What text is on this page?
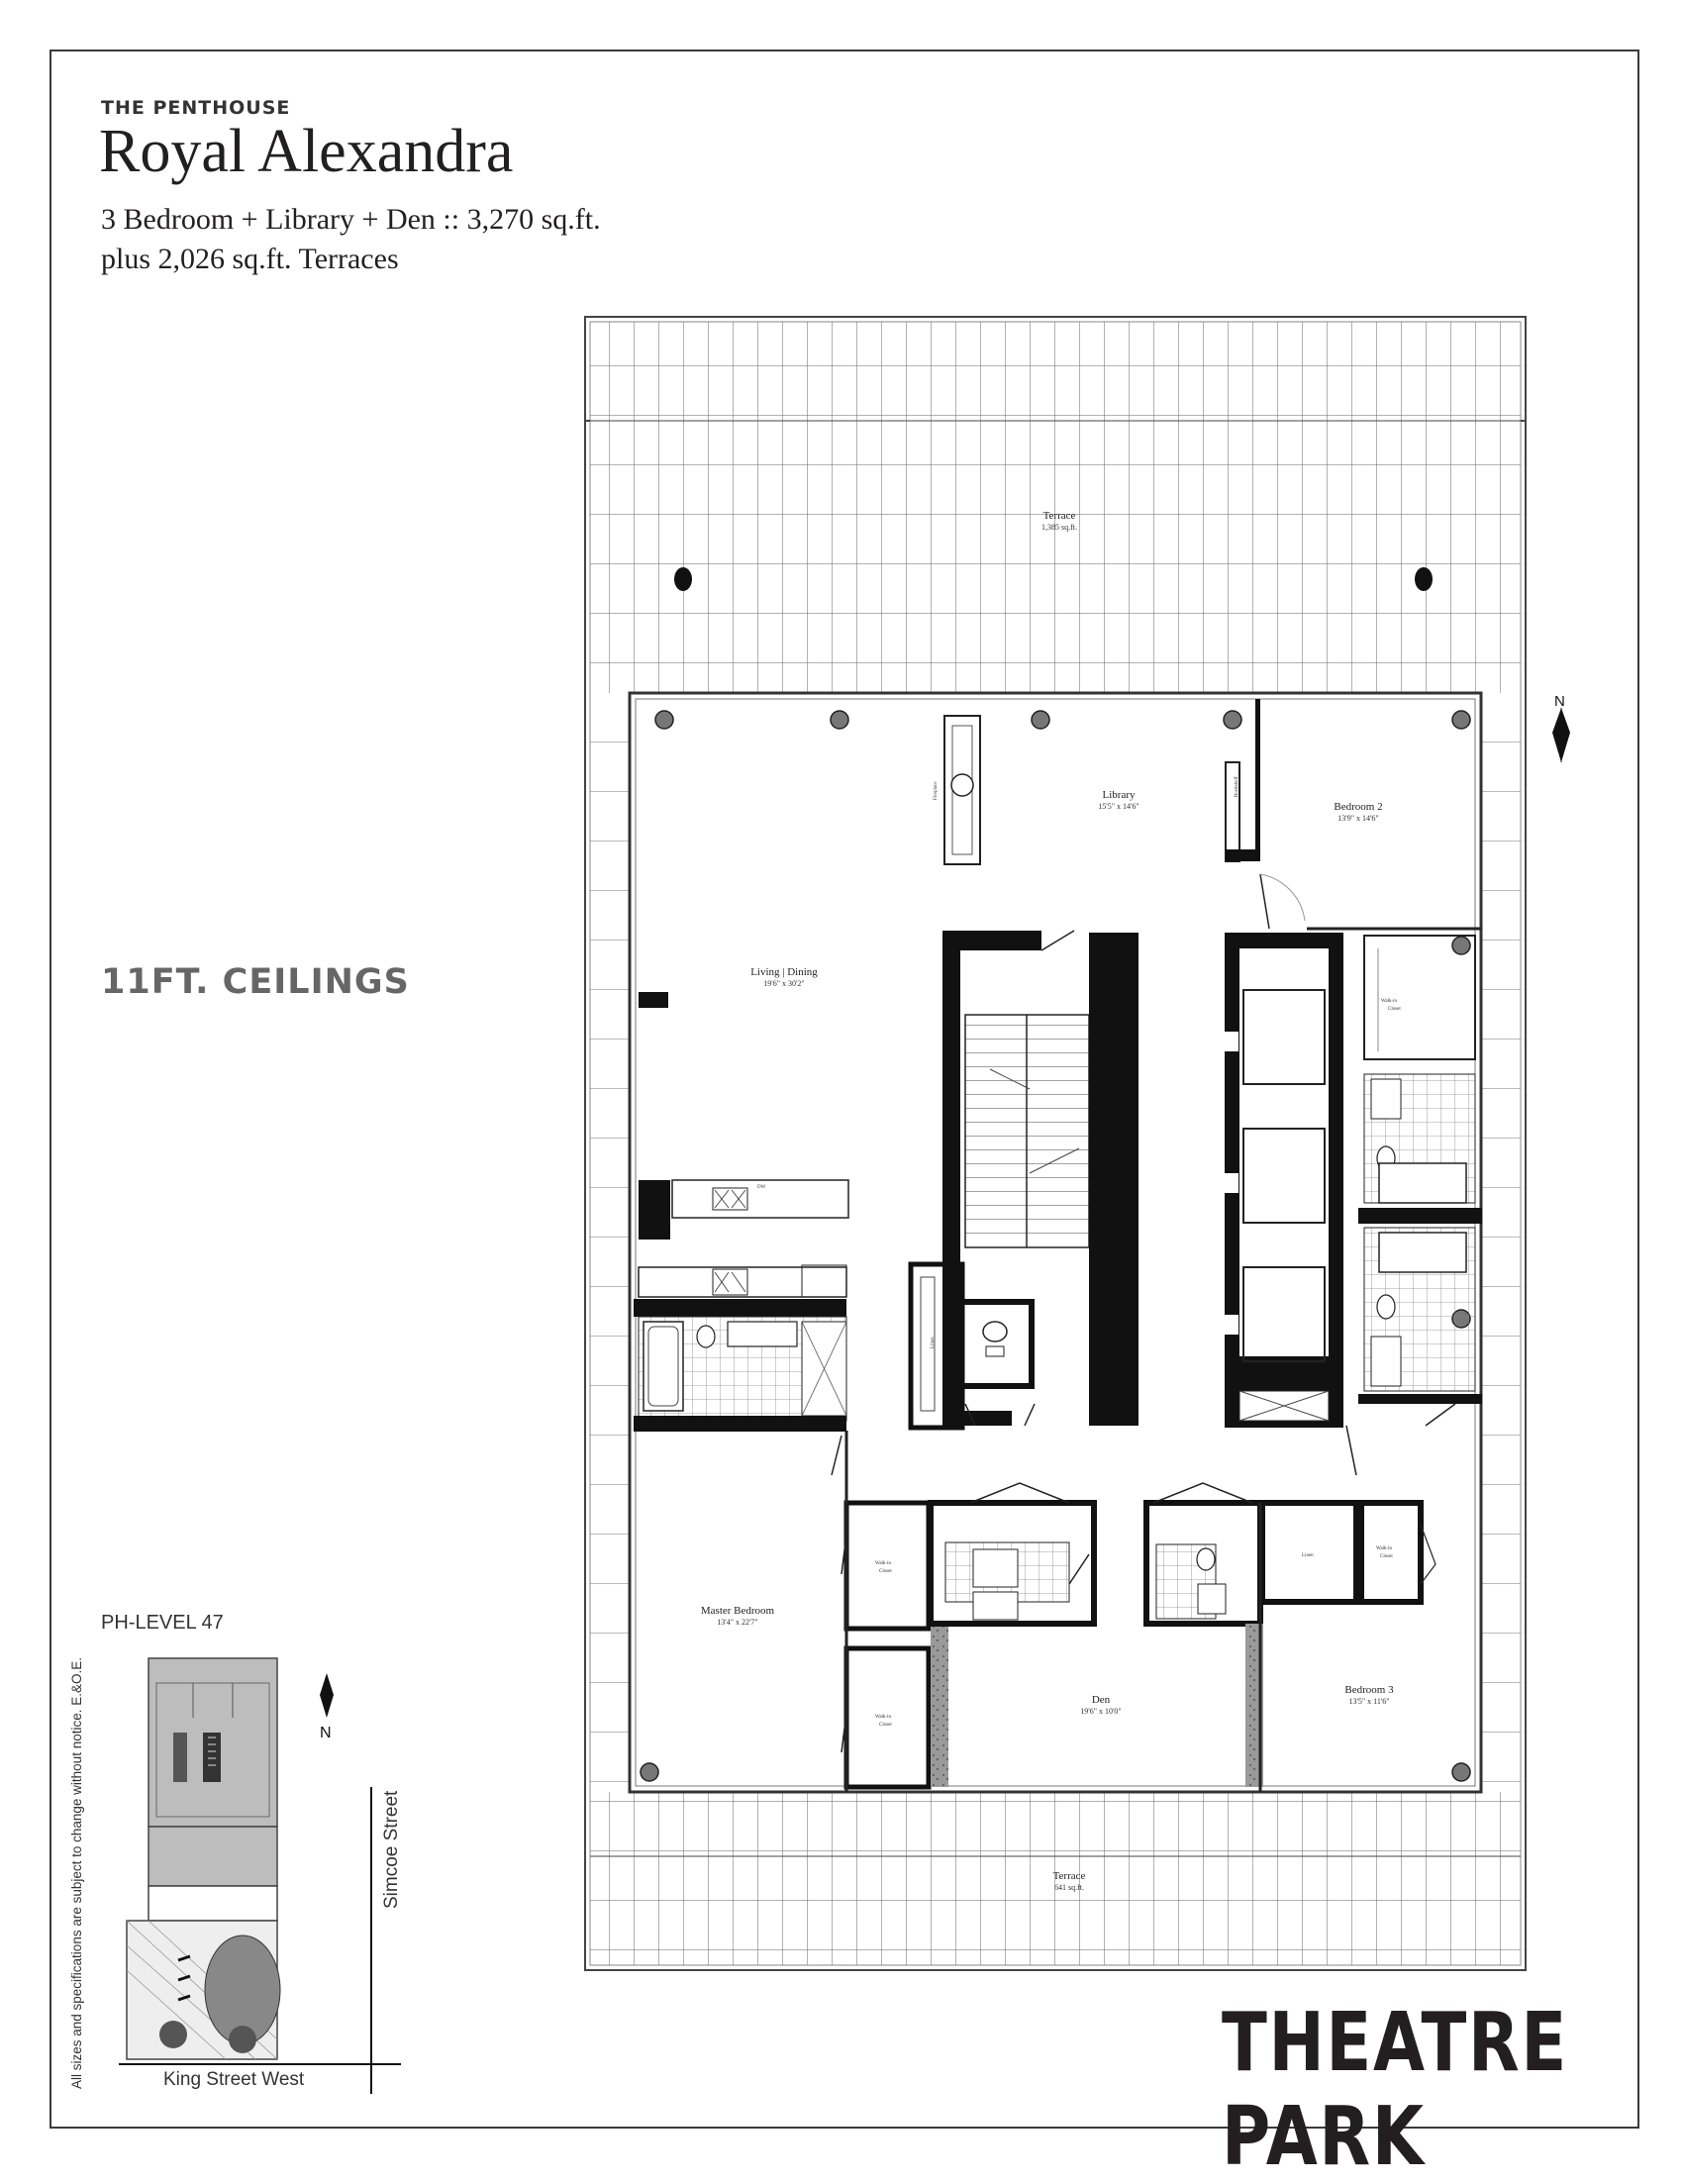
THE PENTHOUSE
Royal Alexandra
3 Bedroom + Library + Den :: 3,270 sq.ft.
plus 2,026 sq.ft. Terraces
11FT. CEILINGS
PH-LEVEL 47
All sizes and specifications are subject to change without notice. E.&O.E.	King Street West
Simcoe Street
THEATRE PARK
Fireplace	Bookshelf
Linen
Walk-in
Closet
DW
Walk-in
Closet
Walk-in
Closet
Linen
Walk-in
Closet
N
Terrace
1,385 sq.ft.
Library
15'5" x 14'6"	Bedroom 2
13'9" x 14'6"
Living | Dining
19'6" x 30'2"
Master Bedroom
13'4" x 22'7"
Den
19'6" x 10'0"
Bedroom 3
13'5" x 11'6"
Terrace
641 sq.ft.
N
